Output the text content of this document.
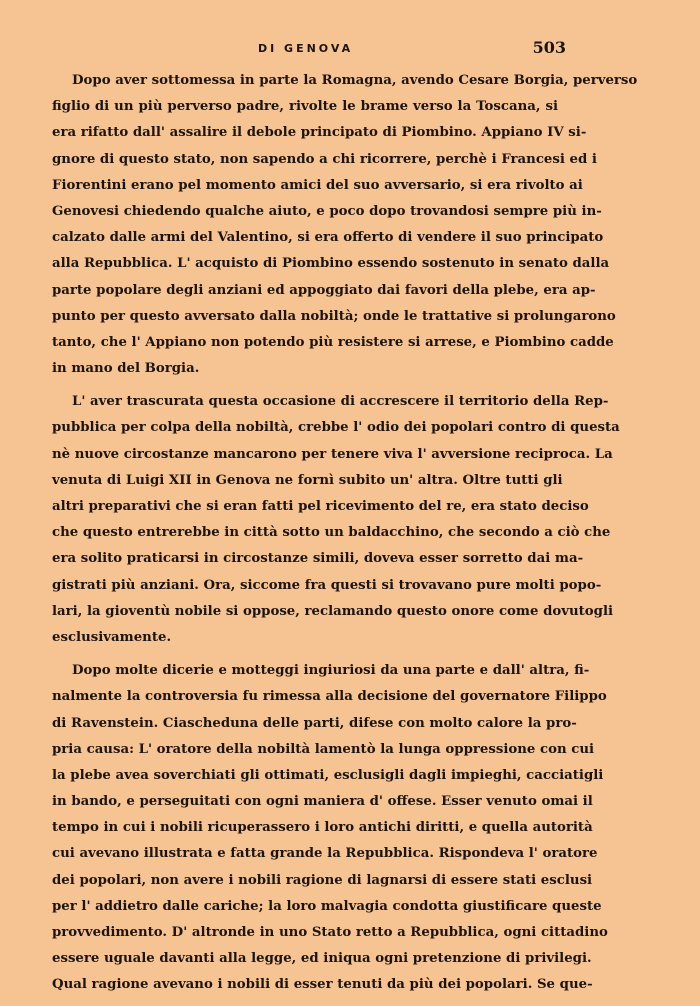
DI GENOVA	503
Dopo aver sottomessa in parte la Romagna, avendo Cesare Borgia, perverso
figlio di un più perverso padre, rivolte le brame verso la Toscana, si
era rifatto dall' assalire il debole principato di Piombino. Appiano IV si-
gnore di questo stato, non sapendo a chi ricorrere, perchè i Francesi ed i
Fiorentini erano pel momento amici del suo avversario, si era rivolto ai
Genovesi chiedendo qualche aiuto, e poco dopo trovandosi sempre più in-
calzato dalle armi del Valentino, si era offerto di vendere il suo principato
alla Repubblica. L' acquisto di Piombino essendo sostenuto in senato dalla
parte popolare degli anziani ed appoggiato dai favori della plebe, era ap-
punto per questo avversato dalla nobiltà; onde le trattative si prolungarono
tanto, che l' Appiano non potendo più resistere si arrese, e Piombino cadde
in mano del Borgia.
L' aver trascurata questa occasione di accrescere il territorio della Rep-
pubblica per colpa della nobiltà, crebbe l' odio dei popolari contro di questa
nè nuove circostanze mancarono per tenere viva l' avversione reciproca. La
venuta di Luigi XII in Genova ne fornì subito un' altra. Oltre tutti gli
altri preparativi che si eran fatti pel ricevimento del re, era stato deciso
che questo entrerebbe in città sotto un baldacchino, che secondo a ciò che
era solito praticarsi in circostanze simili, doveva esser sorretto dai ma-
gistrati più anziani. Ora, siccome fra questi si trovavano pure molti popo-
lari, la gioventù nobile si oppose, reclamando questo onore come dovutogli
esclusivamente.
Dopo molte dicerie e motteggi ingiuriosi da una parte e dall' altra, fi-
nalmente la controversia fu rimessa alla decisione del governatore Filippo
di Ravenstein. Ciascheduna delle parti, difese con molto calore la pro-
pria causa: L' oratore della nobiltà lamentò la lunga oppressione con cui
la plebe avea soverchiati gli ottimati, esclusigli dagli impieghi, cacciatigli
in bando, e perseguitati con ogni maniera d' offese. Esser venuto omai il
tempo in cui i nobili ricuperassero i loro antichi diritti, e quella autorità
cui avevano illustrata e fatta grande la Repubblica. Rispondeva l' oratore
dei popolari, non avere i nobili ragione di lagnarsi di essere stati esclusi
per l' addietro dalle cariche; la loro malvagia condotta giustificare queste
provvedimento. D' altronde in uno Stato retto a Repubblica, ogni cittadino
essere uguale davanti alla legge, ed iniqua ogni pretenzione di privilegi.
Qual ragione avevano i nobili di esser tenuti da più dei popolari. Se que-
